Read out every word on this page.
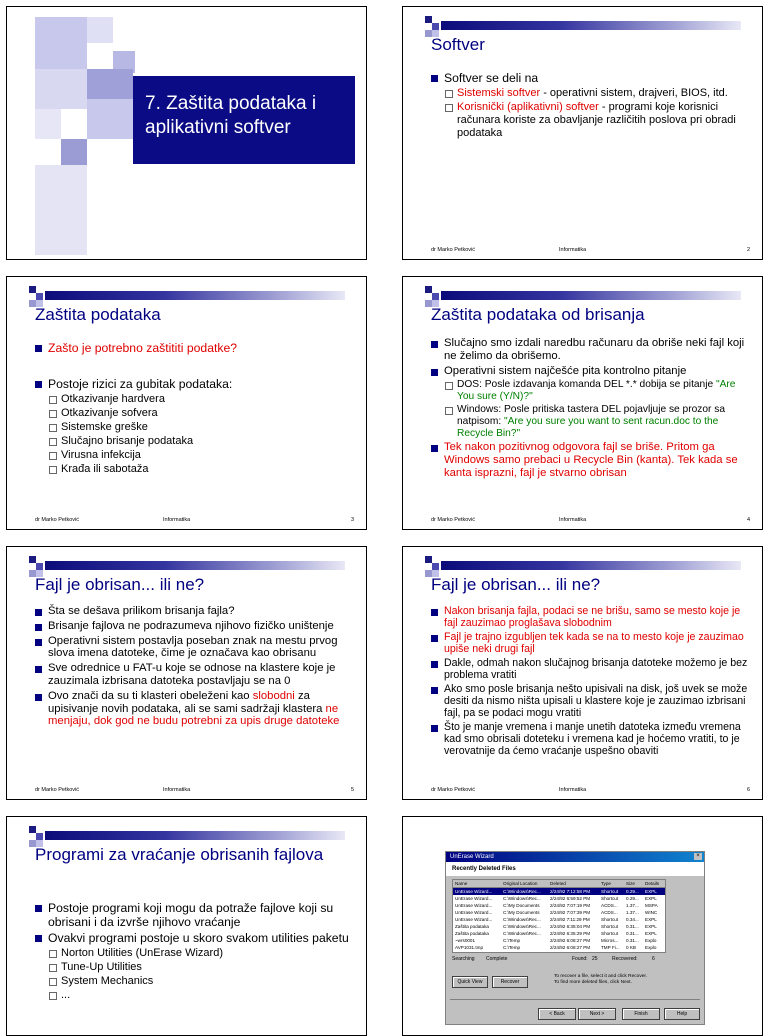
7. Zaštita podataka i aplikativni softver
Softver
Softver se deli na
Sistemski softver - operativni sistem, drajveri, BIOS, itd.
Korisnički (aplikativni) softver - programi koje korisnici računara koriste za obavljanje različitih poslova pri obradi podataka
dr Marko Petković	Informatika	2
Zaštita podataka
Zašto je potrebno zaštititi podatke?
Postoje rizici za gubitak podataka:
Otkazivanje hardvera
Otkazivanje sofvera
Sistemske greške
Slučajno brisanje podataka
Virusna infekcija
Krađa ili sabotaža
dr Marko Petković	Informatika	3
Zaštita podataka od brisanja
Slučajno smo izdali naredbu računaru da obriše neki fajl koji ne želimo da obrišemo.
Operativni sistem najčešće pita kontrolno pitanje
DOS: Posle izdavanja komanda DEL *.* dobija se pitanje "Are You sure (Y/N)?"
Windows: Posle pritiska tastera DEL pojavljuje se prozor sa natpisom: "Are you sure you want to sent racun.doc to the Recycle Bin?"
Tek nakon pozitivnog odgovora fajl se briše. Pritom ga Windows samo prebaci u Recycle Bin (kanta). Tek kada se kanta isprazni, fajl je stvarno obrisan
dr Marko Petković	Informatika	4
Fajl je obrisan... ili ne?
Šta se dešava prilikom brisanja fajla?
Brisanje fajlova ne podrazumeva njihovo fizičko uništenje
Operativni sistem postavlja poseban znak na mestu prvog slova imena datoteke, čime je označava kao obrisanu
Sve odrednice u FAT-u koje se odnose na klastere koje je zauzimala izbrisana datoteka postavljaju se na 0
Ovo znači da su ti klasteri obeleženi kao slobodni za upisivanje novih podataka, ali se sami sadržaji klastera ne menjaju, dok god ne budu potrebni za upis druge datoteke
dr Marko Petković	Informatika	5
Fajl je obrisan... ili ne?
Nakon brisanja fajla, podaci se ne brišu, samo se mesto koje je fajl zauzimao proglašava slobodnim
Fajl je trajno izgubljen tek kada se na to mesto koje je zauzimao upiše neki drugi fajl
Dakle, odmah nakon slučajnog brisanja datoteke možemo je bez problema vratiti
Ako smo posle brisanja nešto upisivali na disk, još uvek se može desiti da nismo ništa upisali u klastere koje je zauzimao izbrisani fajl, pa se podaci mogu vratiti
Što je manje vremena i manje unetih datoteka između vremena kad smo obrisali doteteku i vremena kad je hoćemo vratiti, to je verovatnije da ćemo vraćanje uspešno obaviti
dr Marko Petković	Informatika	6
Programi za vraćanje obrisanih fajlova
Postoje programi koji mogu da potraže fajlove koji su obrisani i da izvrše njihovo vraćanje
Ovakvi programi postoje u skoro svakom utilities paketu
Norton Utilities (UnErase Wizard)
Tune-Up Utilities
System Mechanics
...
UnErase Wizard	×
Recently Deleted Files
Name	Original Location	Deleted	Type	Size	Details
UnErase Wizard...	C:\Windows\Rec...	2/24/92 7:12:58 PM	Shortcut	0.29...	EXPL
UnErase Wizard...	C:\Windows\Rec...	2/24/92 6:59:52 PM	Shortcut	0.29...	EXPL
UnErase Wizard...	C:\My Documents	2/24/92 7:07:19 PM	ACDS...	1.37...	MSPA
UnErase Wizard...	C:\My Documents	2/24/92 7:07:39 PM	ACDS...	1.37...	WINC
UnErase Wizard...	C:\Windows\Rec...	2/24/92 7:11:29 PM	Shortcut	0.34...	EXPL
Zaštita podataka	C:\Windows\Rec...	2/24/92 6:35:04 PM	Shortcut	0.31...	EXPL
Zaštita podataka	C:\Windows\Rec...	2/24/92 6:35:29 PM	Shortcut	0.31...	EXPL
~wrs0001	C:\Temp	2/24/92 6:08:27 PM	Micros...	0.31...	Explo
AVP1031.tmp	C:\Temp	2/24/92 6:08:27 PM	TMP Fi...	0 KB	Explo
Searching Complete	Found: 25	Recovered:	6
Quick View	Recover
To recover a file, select it and click Recover.
To find more deleted files, click Next.
< Back	Next >	Finish	Help
